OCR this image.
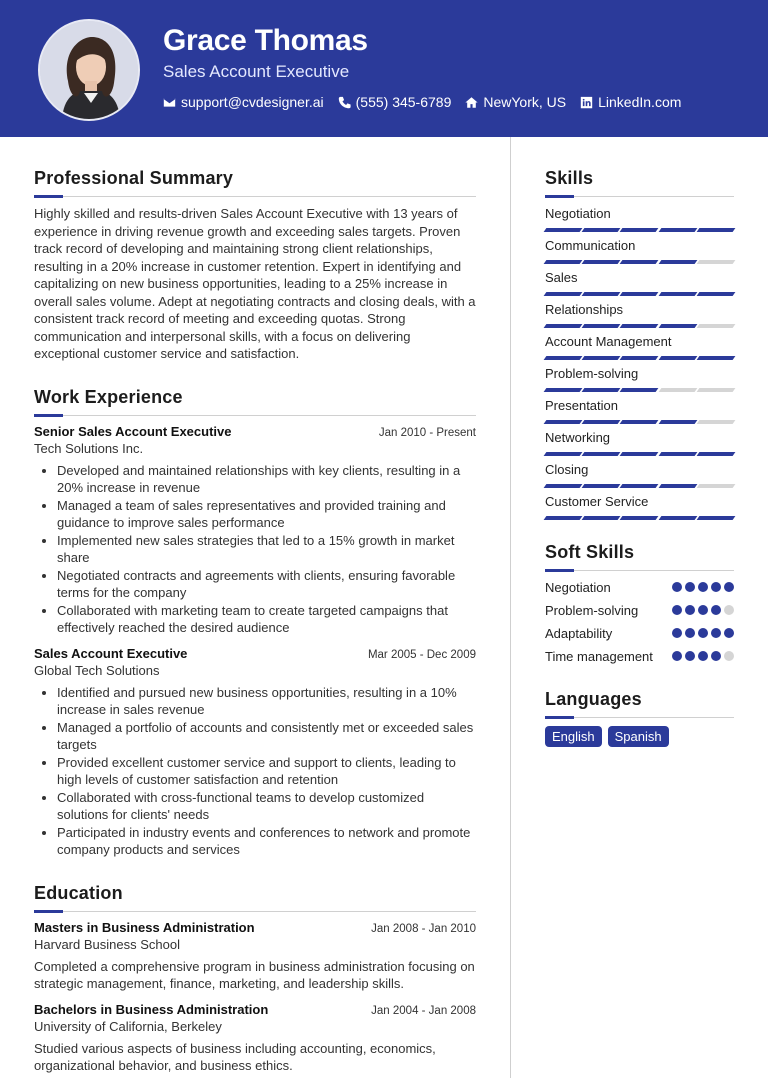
Grace Thomas
Sales Account Executive
support@cvdesigner.ai (555) 345-6789 NewYork, US LinkedIn.com
Professional Summary

Highly skilled and results-driven Sales Account Executive with 13 years of experience in driving revenue growth and exceeding sales targets. Proven track record of developing and maintaining strong client relationships, resulting in a 20% increase in customer retention. Expert in identifying and capitalizing on new business opportunities, leading to a 25% increase in overall sales volume. Adept at negotiating contracts and closing deals, with a consistent track record of meeting and exceeding quotas. Strong communication and interpersonal skills, with a focus on delivering exceptional customer service and satisfaction.

Work Experience
Senior Sales Account Executive	Jan 2010 - Present
Tech Solutions Inc.
• Developed and maintained relationships with key clients, resulting in a 20% increase in revenue
• Managed a team of sales representatives and provided training and guidance to improve sales performance
• Implemented new sales strategies that led to a 15% growth in market share
• Negotiated contracts and agreements with clients, ensuring favorable terms for the company
• Collaborated with marketing team to create targeted campaigns that effectively reached the desired audience
Sales Account Executive	Mar 2005 - Dec 2009
Global Tech Solutions
• Identified and pursued new business opportunities, resulting in a 10% increase in sales revenue
• Managed a portfolio of accounts and consistently met or exceeded sales targets
• Provided excellent customer service and support to clients, leading to high levels of customer satisfaction and retention
• Collaborated with cross-functional teams to develop customized solutions for clients' needs
• Participated in industry events and conferences to network and promote company products and services
Education
Masters in Business Administration	Jan 2008 - Jan 2010
Harvard Business School

Completed a comprehensive program in business administration focusing on strategic management, finance, marketing, and leadership skills.

Bachelors in Business Administration	Jan 2004 - Jan 2008
University of California, Berkeley

Studied various aspects of business including accounting, economics, organizational behavior, and business ethics.

Skills
Negotiation
Communication
Sales
Relationships
Account Management
Problem-solving
Presentation
Networking
Closing
Customer Service
Soft Skills
Negotiation
Problem-solving
Adaptability
Time management
Languages
English	Spanish
